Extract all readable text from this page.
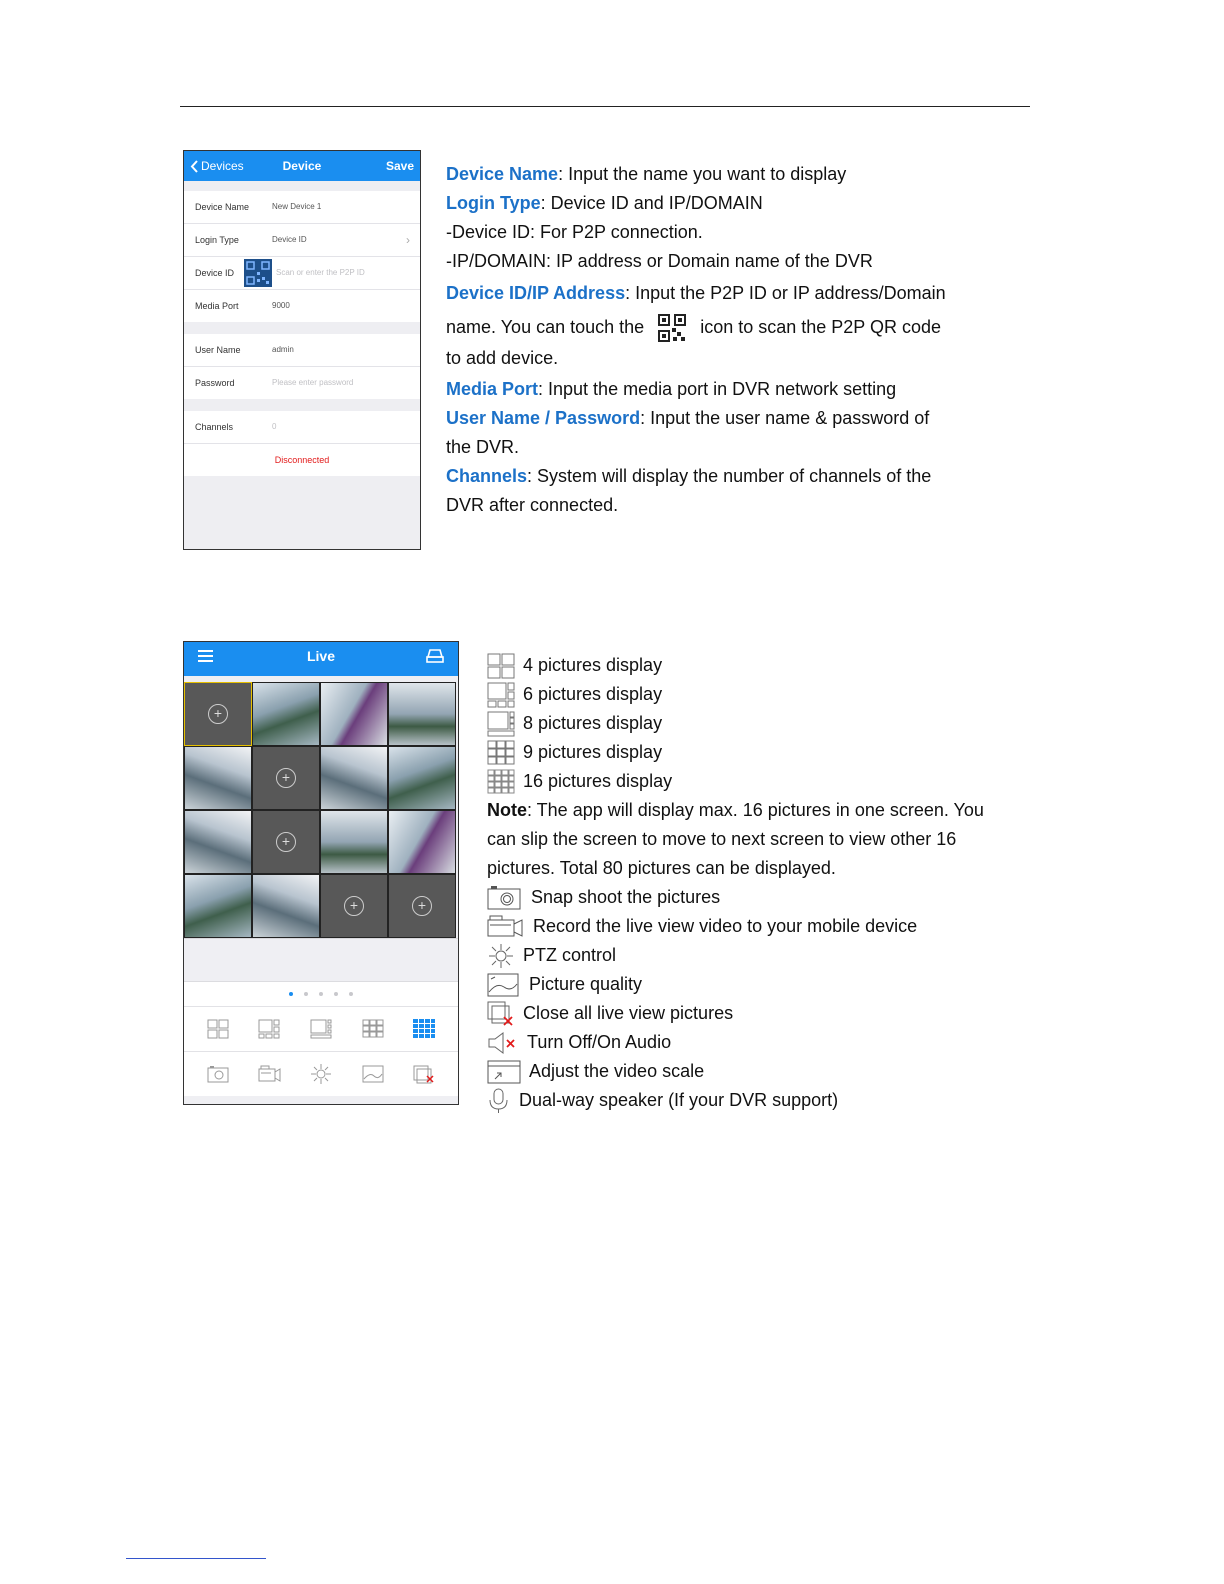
Devices	Device	Save
Device Name	New Device 1
Login Type	Device ID	›
Device ID	Scan or enter the P2P ID
Media Port	9000
User Name	admin
Password	Please enter password
Channels	0
Disconnected
Device Name: Input the name you want to display
Login Type: Device ID and IP/DOMAIN
-Device ID: For P2P connection.
-IP/DOMAIN: IP address or Domain name of the DVR
Device ID/IP Address: Input the P2P ID or IP address/Domain
name. You can touch the	icon to scan the P2P QR code
to add device.
Media Port: Input the media port in DVR network setting
User Name / Password: Input the user name & password of
the DVR.
Channels: System will display the number of channels of the
DVR after connected.
Live
+
+
+
+	+
4 pictures display
6 pictures display
8 pictures display
9 pictures display
16 pictures display
Note : The app will display max. 16 pictures in one screen. You
can slip the screen to move to next screen to view other 16
pictures. Total 80 pictures can be displayed.
Snap shoot the pictures
Record the live view video to your mobile device
PTZ control
Picture quality
Close all live view pictures
Turn Off/On Audio
Adjust the video scale
Dual-way speaker (If your DVR support)
